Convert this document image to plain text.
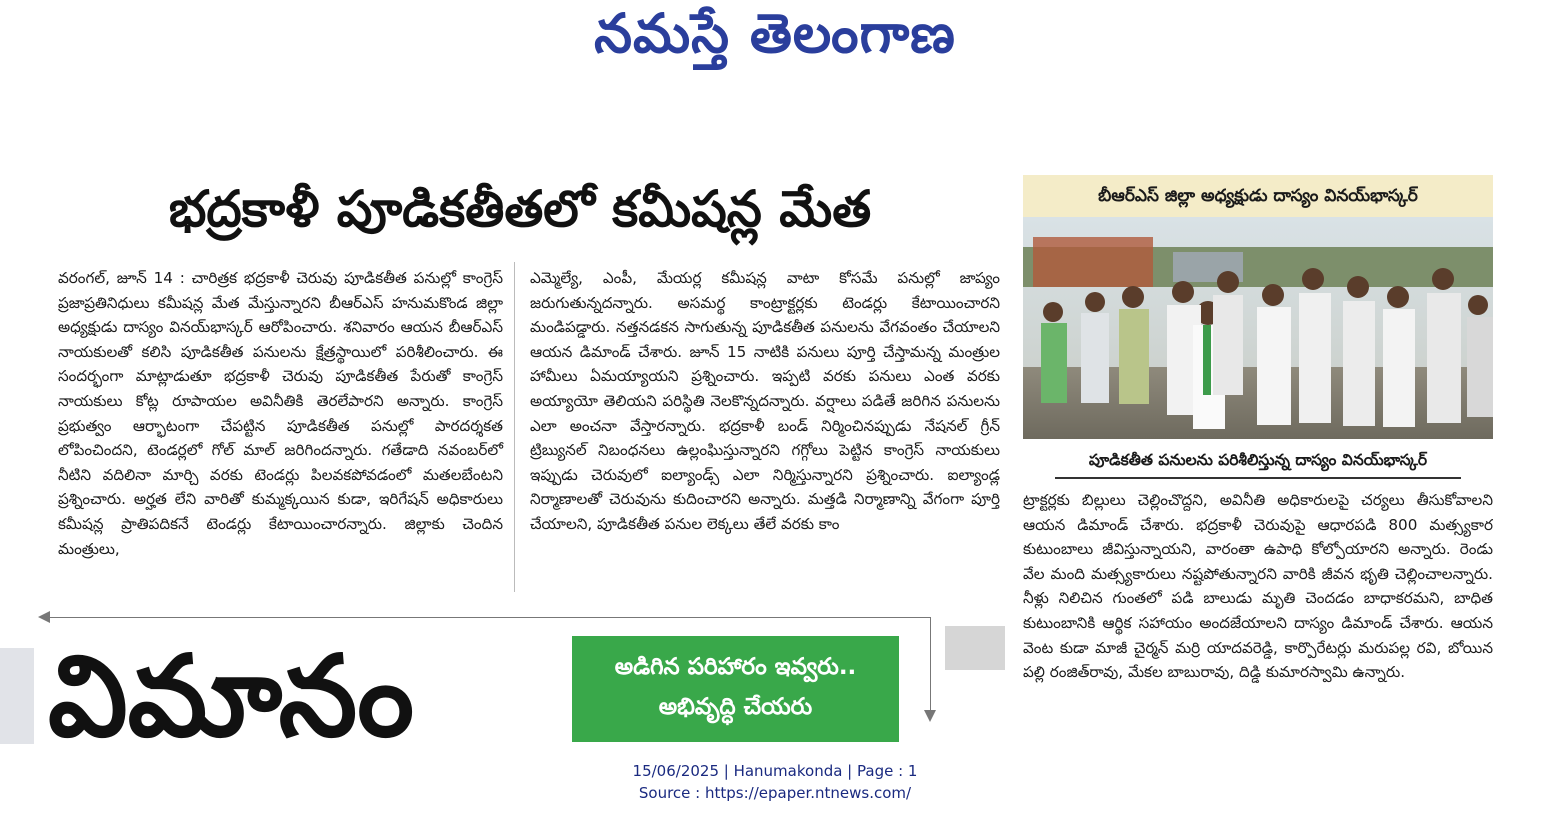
నమస్తే తెలంగాణ
భద్రకాళీ పూడికతీతలో కమీషన్ల మేత

వరంగల్, జూన్ 14 : చారిత్రక భద్రకాళీ చెరువు పూడికతీత పనుల్లో కాంగ్రెస్ ప్రజాప్రతినిధులు కమీషన్ల మేత మేస్తున్నారని బీఆర్ఎస్ హనుమకొండ జిల్లా అధ్యక్షుడు దాస్యం వినయ్‌భాస్కర్ ఆరోపించారు. శనివారం ఆయన బీఆర్ఎస్ నాయకులతో కలిసి పూడికతీత పనులను క్షేత్రస్థాయిలో పరిశీలించారు. ఈ సందర్భంగా మాట్లాడుతూ భద్రకాళీ చెరువు పూడికతీత పేరుతో కాంగ్రెస్ నాయకులు కోట్ల రూపాయల అవినీతికి తెరలేపారని అన్నారు. కాంగ్రెస్ ప్రభుత్వం ఆర్భాటంగా చేపట్టిన పూడికతీత పనుల్లో పారదర్శకత లోపించిందని, టెండర్లలో గోల్ మాల్ జరిగిందన్నారు. గతేడాది నవంబర్‌లో నీటిని వదిలినా మార్చి వరకు టెండర్లు పిలవకపోవడంలో మతలబేంటని ప్రశ్నించారు. అర్హత లేని వారితో కుమ్మక్కయిన కుడా, ఇరిగేషన్ అధికారులు కమీషన్ల ప్రాతిపదికనే టెండర్లు కేటాయించారన్నారు. జిల్లాకు చెందిన మంత్రులు,

ఎమ్మెల్యే, ఎంపీ, మేయర్ల కమీషన్ల వాటా కోసమే పనుల్లో జాప్యం జరుగుతున్నదన్నారు. అసమర్థ కాంట్రాక్టర్లకు టెండర్లు కేటాయించారని మండిపడ్డారు. నత్తనడకన సాగుతున్న పూడికతీత పనులను వేగవంతం చేయాలని ఆయన డిమాండ్ చేశారు. జూన్ 15 నాటికి పనులు పూర్తి చేస్తామన్న మంత్రుల హామీలు ఏమయ్యాయని ప్రశ్నించారు. ఇప్పటి వరకు పనులు ఎంత వరకు అయ్యాయో తెలియని పరిస్థితి నెలకొన్నదన్నారు. వర్షాలు పడితే జరిగిన పనులను ఎలా అంచనా వేస్తారన్నారు. భద్రకాళీ బండ్ నిర్మించినప్పుడు నేషనల్ గ్రీన్ ట్రిబ్యునల్ నిబంధనలు ఉల్లంఘిస్తున్నారని గగ్గోలు పెట్టిన కాంగ్రెస్ నాయకులు ఇప్పుడు చెరువులో ఐల్యాండ్స్ ఎలా నిర్మిస్తున్నారని ప్రశ్నించారు. ఐల్యాండ్ల నిర్మాణాలతో చెరువును కుదించారని అన్నారు. మత్తడి నిర్మాణాన్ని వేగంగా పూర్తి చేయాలని, పూడికతీత పనుల లెక్కలు తేలే వరకు కాం

బీఆర్ఎస్ జిల్లా అధ్యక్షుడు దాస్యం వినయ్‌భాస్కర్
పూడికతీత పనులను పరిశీలిస్తున్న దాస్యం వినయ్‌భాస్కర్

ట్రాక్టర్లకు బిల్లులు చెల్లించొద్దని, అవినీతి అధికారులపై చర్యలు తీసుకోవాలని ఆయన డిమాండ్ చేశారు. భద్రకాళీ చెరువుపై ఆధారపడి 800 మత్స్యకార కుటుంబాలు జీవిస్తున్నాయని, వారంతా ఉపాధి కోల్పోయారని అన్నారు. రెండు వేల మంది మత్స్యకారులు నష్టపోతున్నారని వారికి జీవన భృతి చెల్లించాలన్నారు. నీళ్లు నిలిచిన గుంతలో పడి బాలుడు మృతి చెందడం బాధాకరమని, బాధిత కుటుంబానికి ఆర్థిక సహాయం అందజేయాలని దాస్యం డిమాండ్ చేశారు. ఆయన వెంట కుడా మాజీ చైర్మన్ మర్రి యాదవరెడ్డి, కార్పొరేటర్లు మరుపల్ల రవి, బోయిన పల్లి రంజిత్‌రావు, మేకల బాబురావు, దిడ్డి కుమారస్వామి ఉన్నారు.

విమానం	అడిగిన పరిహారం ఇవ్వరు..
అభివృద్ధి చేయరు
15/06/2025 | Hanumakonda | Page : 1
Source : https://epaper.ntnews.com/
